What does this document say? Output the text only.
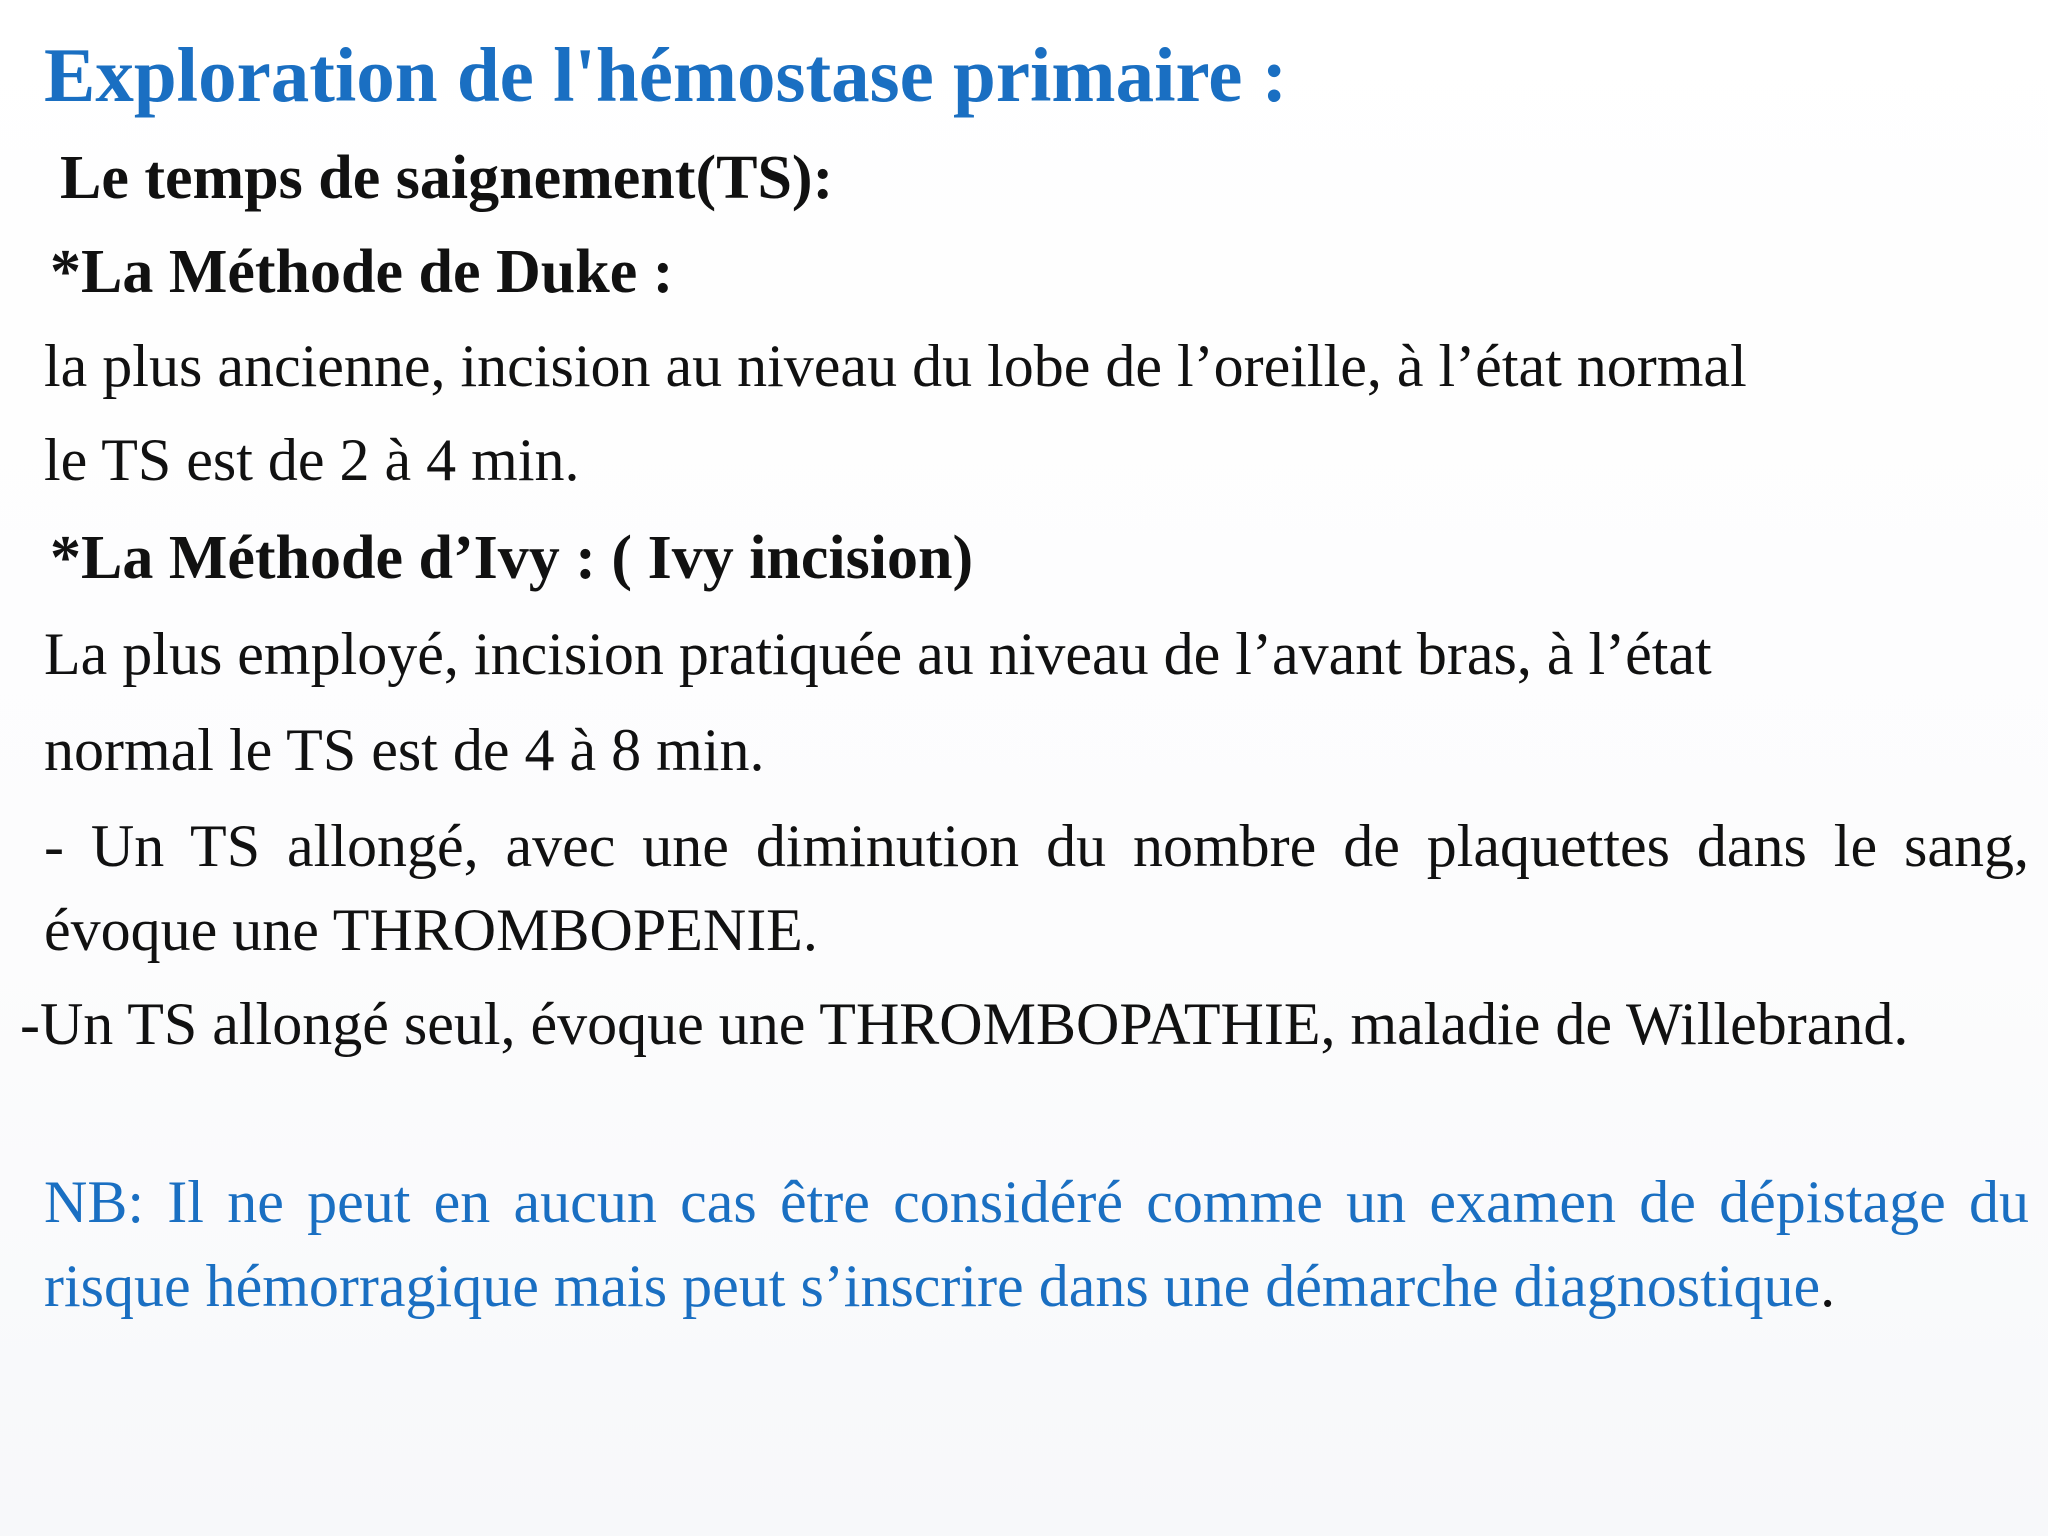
Exploration de l'hémostase primaire :

Le temps de saignement(TS):

*La Méthode de Duke :

la plus ancienne, incision au niveau du lobe de l’oreille, à l’état normal

le TS est de 2 à 4 min.

*La Méthode d’Ivy : ( Ivy incision)

La plus employé, incision pratiquée au niveau de l’avant bras, à l’état

normal le TS est de 4 à 8 min.

- Un TS allongé, avec une diminution du nombre de plaquettes dans le sang, évoque une THROMBOPENIE.

-Un TS allongé seul, évoque une THROMBOPATHIE, maladie de Willebrand.

NB: Il ne peut en aucun cas être considéré comme un examen de dépistage du risque hémorragique mais peut s’inscrire dans une démarche diagnostique.
